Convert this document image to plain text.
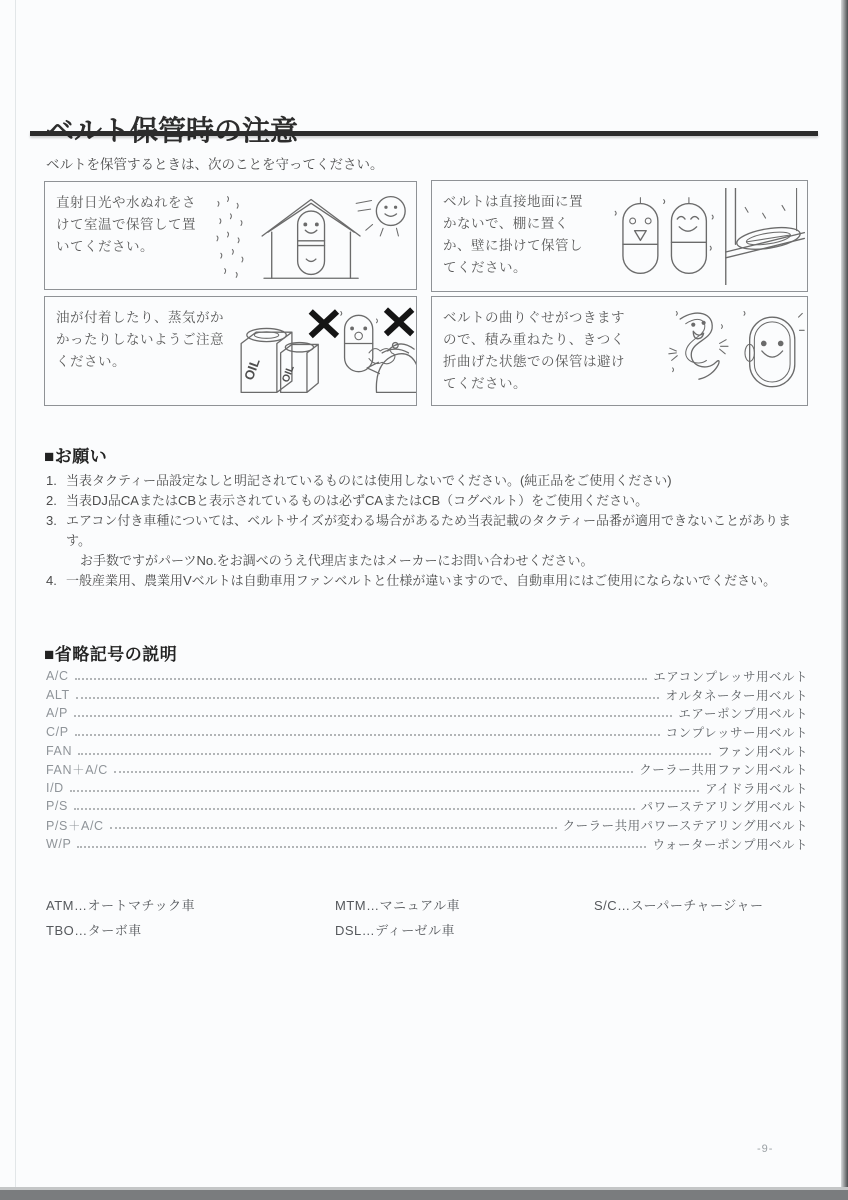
ベルトを保管するときは、次のことを守ってください。
直射日光や水ぬれをさけて室温で保管して置いてください。
ベルトは直接地面に置かないで、棚に置くか、壁に掛けて保管してください。
油が付着したり、蒸気がかかったりしないようご注意ください。	OIL OIL
ベルトの曲りぐせがつきますので、積み重ねたり、きつく折曲げた状態での保管は避けてください。
■お願い
1. 当表タクティー品設定なしと明記されているものには使用しないでください。(純正品をご使用ください)
2. 当表DJ品CAまたはCBと表示されているものは必ずCAまたはCB（コグベルト）をご使用ください。
3. エアコン付き車種については、ベルトサイズが変わる場合があるため当表記載のタクティー品番が適用できないことがあります。
お手数ですがパーツNo.をお調べのうえ代理店またはメーカーにお問い合わせください。
4. 一般産業用、農業用Vベルトは自動車用ファンベルトと仕様が違いますので、自動車用にはご使用にならないでください。
■省略記号の説明
A/C	エアコンプレッサ用ベルト
ALT	オルタネーター用ベルト
A/P	エアーポンプ用ベルト
C/P	コンプレッサー用ベルト
FAN	ファン用ベルト
FAN＋A/C	クーラー共用ファン用ベルト
I/D	アイドラ用ベルト
P/S	パワーステアリング用ベルト
P/S＋A/C	クーラー共用パワーステアリング用ベルト
W/P	ウォーターポンプ用ベルト
ATM…オートマチック車	MTM…マニュアル車	S/C…スーパーチャージャー
TBO…ターボ車	DSL…ディーゼル車
-9-
